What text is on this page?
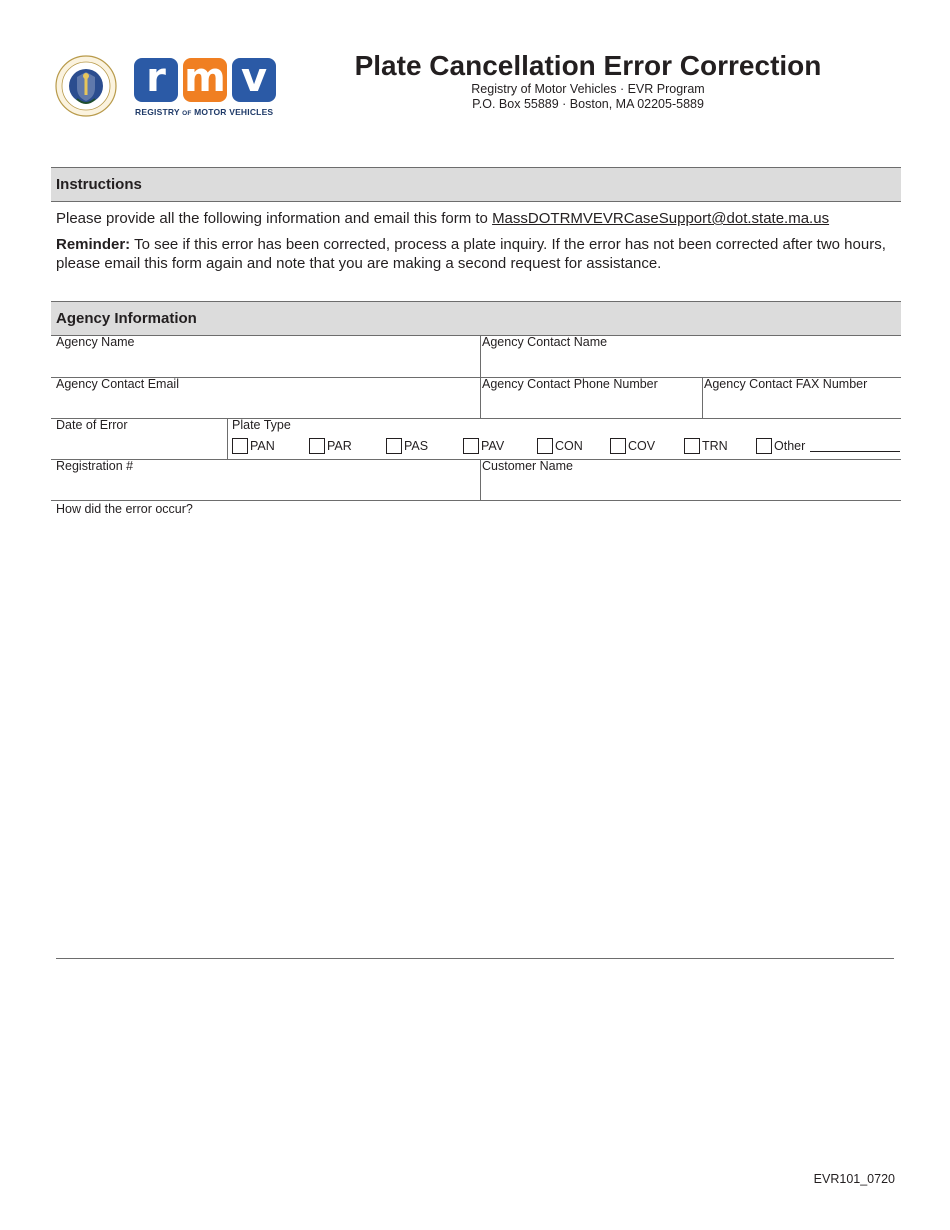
r m v
REGISTRY OF MOTOR VEHICLES
Plate Cancellation Error Correction
Registry of Motor Vehicles · EVR Program
P.O. Box 55889 · Boston, MA 02205-5889
Instructions
Please provide all the following information and email this form to MassDOTRMVEVRCaseSupport@dot.state.ma.us
Reminder: To see if this error has been corrected, process a plate inquiry. If the error has not been corrected after two hours, please email this form again and note that you are making a second request for assistance.
Agency Information
Agency Name	Agency Contact Name
Agency Contact Email	Agency Contact Phone Number	Agency Contact FAX Number
Date of Error	Plate Type
PAN	PAR	PAS	PAV	CON	COV	TRN	Other
Registration #	Customer Name
How did the error occur?
EVR101_0720
